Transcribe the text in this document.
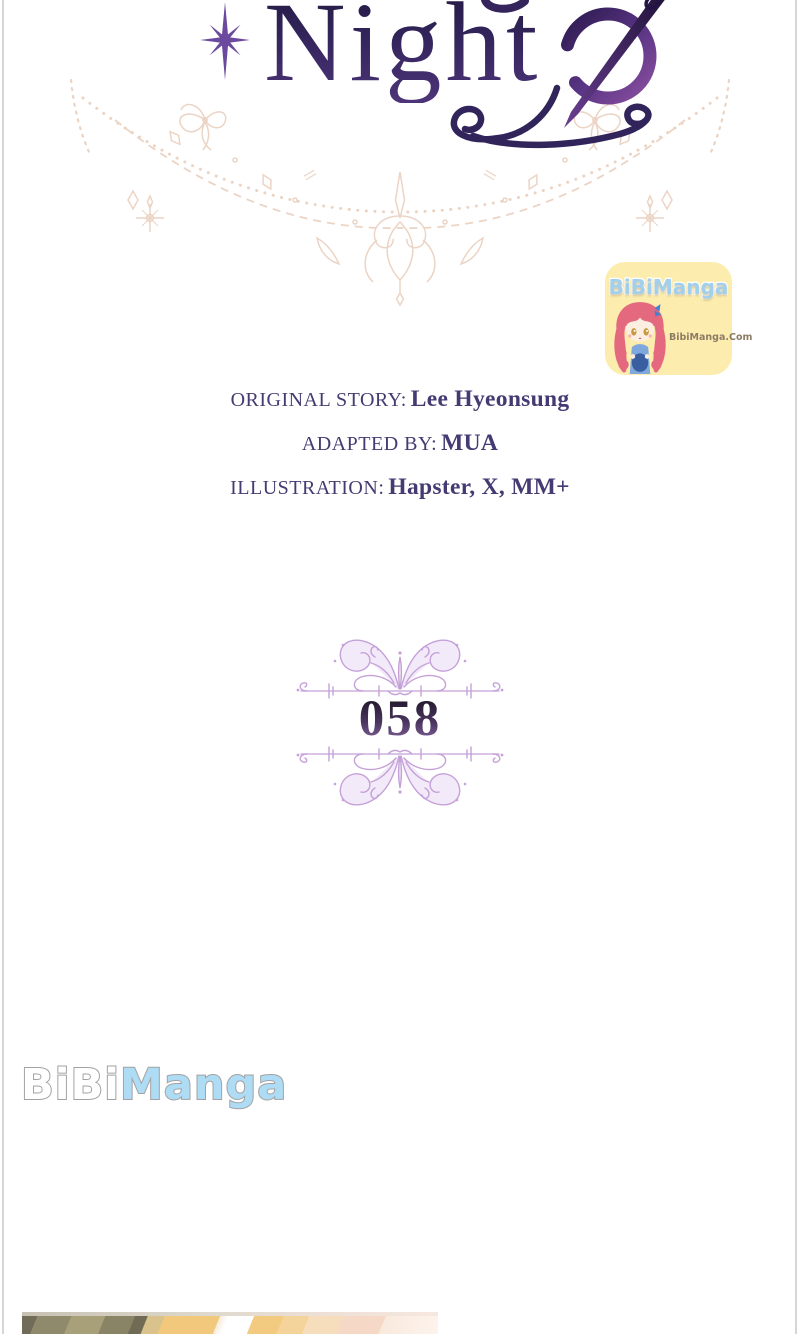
Night
BiBiManga
BibiManga.Com

ORIGINAL STORY: Lee Hyeonsung

ADAPTED BY: MUA

ILLUSTRATION: Hapster, X, MM+

058
BiBiManga
